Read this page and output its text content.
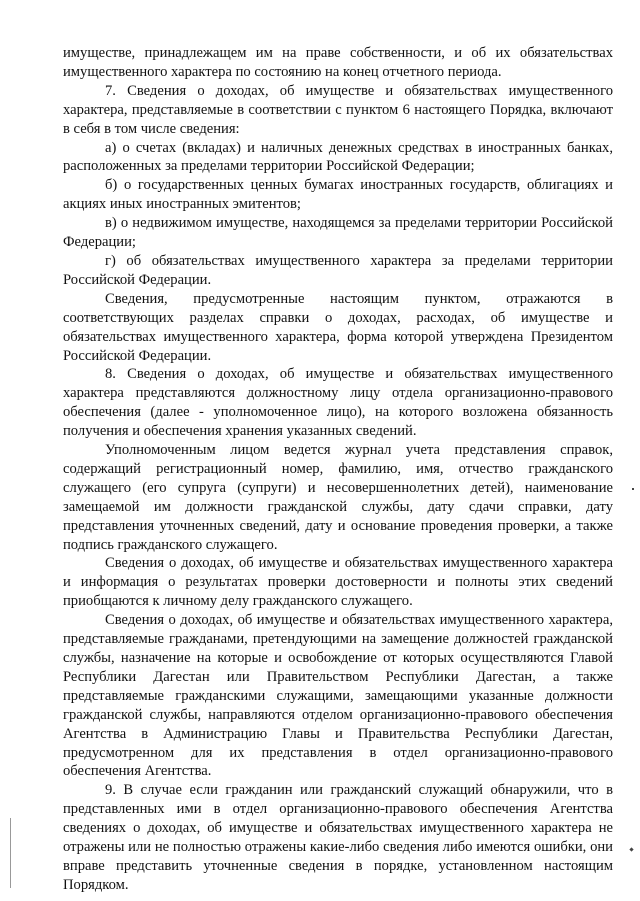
имуществе, принадлежащем им на праве собственности, и об их обязательствах имущественного характера по состоянию на конец отчетного периода.

7. Сведения о доходах, об имуществе и обязательствах имущественного характера, представляемые в соответствии с пунктом 6 настоящего Порядка, включают в себя в том числе сведения:

а) о счетах (вкладах) и наличных денежных средствах в иностранных банках, расположенных за пределами территории Российской Федерации;

б) о государственных ценных бумагах иностранных государств, облигациях и акциях иных иностранных эмитентов;

в) о недвижимом имуществе, находящемся за пределами территории Российской Федерации;

г) об обязательствах имущественного характера за пределами территории Российской Федерации.

Сведения, предусмотренные настоящим пунктом, отражаются в соответствующих разделах справки о доходах, расходах, об имуществе и обязательствах имущественного характера, форма которой утверждена Президентом Российской Федерации.

8. Сведения о доходах, об имуществе и обязательствах имущественного характера представляются должностному лицу отдела организационно-правового обеспечения (далее - уполномоченное лицо), на которого возложена обязанность получения и обеспечения хранения указанных сведений.

Уполномоченным лицом ведется журнал учета представления справок, содержащий регистрационный номер, фамилию, имя, отчество гражданского служащего (его супруга (супруги) и несовершеннолетних детей), наименование замещаемой им должности гражданской службы, дату сдачи справки, дату представления уточненных сведений, дату и основание проведения проверки, а также подпись гражданского служащего.

Сведения о доходах, об имуществе и обязательствах имущественного характера и информация о результатах проверки достоверности и полноты этих сведений приобщаются к личному делу гражданского служащего.

Сведения о доходах, об имуществе и обязательствах имущественного характера, представляемые гражданами, претендующими на замещение должностей гражданской службы, назначение на которые и освобождение от которых осуществляются Главой Республики Дагестан или Правительством Республики Дагестан, а также представляемые гражданскими служащими, замещающими указанные должности гражданской службы, направляются отделом организационно-правового обеспечения Агентства в Администрацию Главы и Правительства Республики Дагестан, предусмотренном для их представления в отдел организационно-правового обеспечения Агентства.

9. В случае если гражданин или гражданский служащий обнаружили, что в представленных ими в отдел организационно-правового обеспечения Агентства сведениях о доходах, об имуществе и обязательствах имущественного характера не отражены или не полностью отражены какие-либо сведения либо имеются ошибки, они вправе представить уточненные сведения в порядке, установленном настоящим Порядком.
